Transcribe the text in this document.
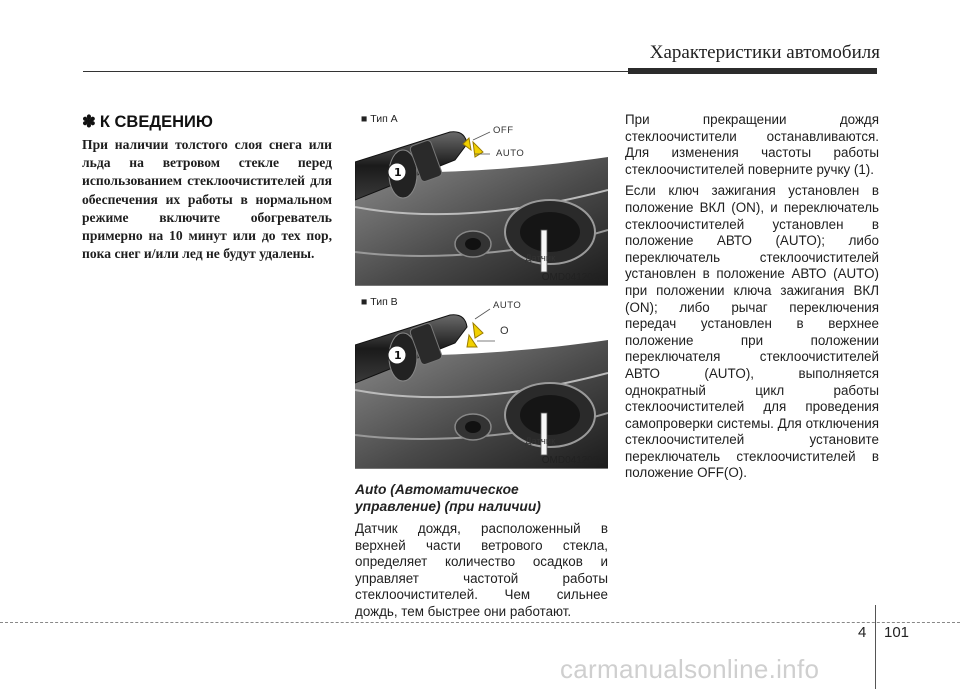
Характеристики автомобиля
✽ К СВЕДЕНИЮ

При наличии толстого слоя снега или льда на ветровом стекле перед использованием стеклоочистителей для обеспечения их работы в нормальном режиме включите обогреватель примерно на 10 минут или до тех пор, пока снег и/или лед не будут удалены.

1
■ Тип A
OFF
AUTO
Датчик
OMD041202L
1
■ Тип B	AUTO
O
Датчик
OMD041203L
Auto (Автоматическое управление) (при наличии)

Датчик дождя, расположенный в верхней части ветрового стекла, определяет количество осадков и управляет частотой работы стеклоочистителей. Чем сильнее дождь, тем быстрее они работают.

При прекращении дождя стеклоочистители останавливаются. Для изменения частоты работы стеклоочистителей поверните ручку (1).

Если ключ зажигания установлен в положение ВКЛ (ON), и переключатель стеклоочистителей установлен в положение АВТО (AUTO); либо переключатель стеклоочистителей установлен в положение АВТО (AUTO) при положении ключа зажигания ВКЛ (ON); либо рычаг переключения передач установлен в верхнее положение при положении переключателя стеклоочистителей АВТО (AUTO), выполняется однократный цикл работы стеклоочистителей для проведения самопроверки системы. Для отключения стеклоочистителей установите переключатель стеклоочистителей в положение OFF(O).

4 101
carmanualsonline.info
